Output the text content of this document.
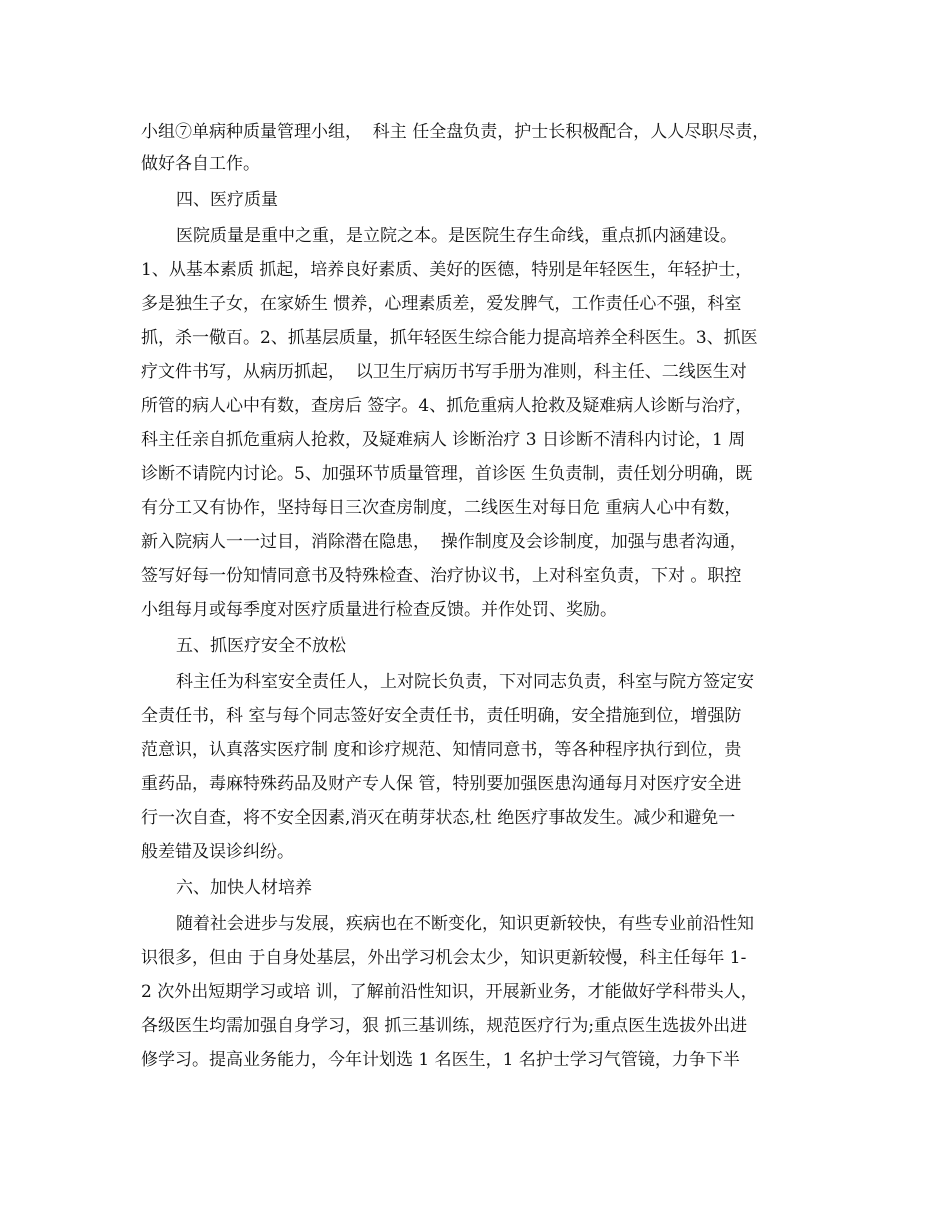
小组⑦单病种质量管理小组，  科主 任全盘负责，护士长积极配合，人人尽职尽责，
做好各自工作。
四、医疗质量
医院质量是重中之重，是立院之本。是医院生存生命线，重点抓内涵建设。
1、从基本素质 抓起，培养良好素质、美好的医德，特别是年轻医生，年轻护士，
多是独生子女，在家娇生 惯养，心理素质差，爱发脾气，工作责任心不强，科室
抓，杀一儆百。2、抓基层质量，抓年轻医生综合能力提高培养全科医生。3、抓医
疗文件书写，从病历抓起，  以卫生厅病历书写手册为准则，科主任、二线医生对
所管的病人心中有数，查房后 签字。4、抓危重病人抢救及疑难病人诊断与治疗，
科主任亲自抓危重病人抢救，及疑难病人 诊断治疗 3 日诊断不清科内讨论，1 周
诊断不请院内讨论。5、加强环节质量管理，首诊医 生负责制，责任划分明确，既
有分工又有协作，坚持每日三次查房制度，二线医生对每日危 重病人心中有数，
新入院病人一一过目，消除潜在隐患，  操作制度及会诊制度，加强与患者沟通，
签写好每一份知情同意书及特殊检查、治疗协议书，上对科室负责，下对 。职控
小组每月或每季度对医疗质量进行检查反馈。并作处罚、奖励。
五、抓医疗安全不放松
科主任为科室安全责任人，上对院长负责，下对同志负责，科室与院方签定安
全责任书，科 室与每个同志签好安全责任书，责任明确，安全措施到位，增强防
范意识，认真落实医疗制 度和诊疗规范、知情同意书，等各种程序执行到位，贵
重药品，毒麻特殊药品及财产专人保 管，特别要加强医患沟通每月对医疗安全进
行一次自查，将不安全因素,消灭在萌芽状态,杜 绝医疗事故发生。减少和避免一
般差错及误诊纠纷。
六、加快人材培养
随着社会进步与发展，疾病也在不断变化，知识更新较快，有些专业前沿性知
识很多，但由 于自身处基层，外出学习机会太少，知识更新较慢，科主任每年 1-
2 次外出短期学习或培 训，了解前沿性知识，开展新业务，才能做好学科带头人，
各级医生均需加强自身学习，狠 抓三基训练，规范医疗行为;重点医生选拔外出进
修学习。提高业务能力，今年计划选 1 名医生，1 名护士学习气管镜，力争下半
